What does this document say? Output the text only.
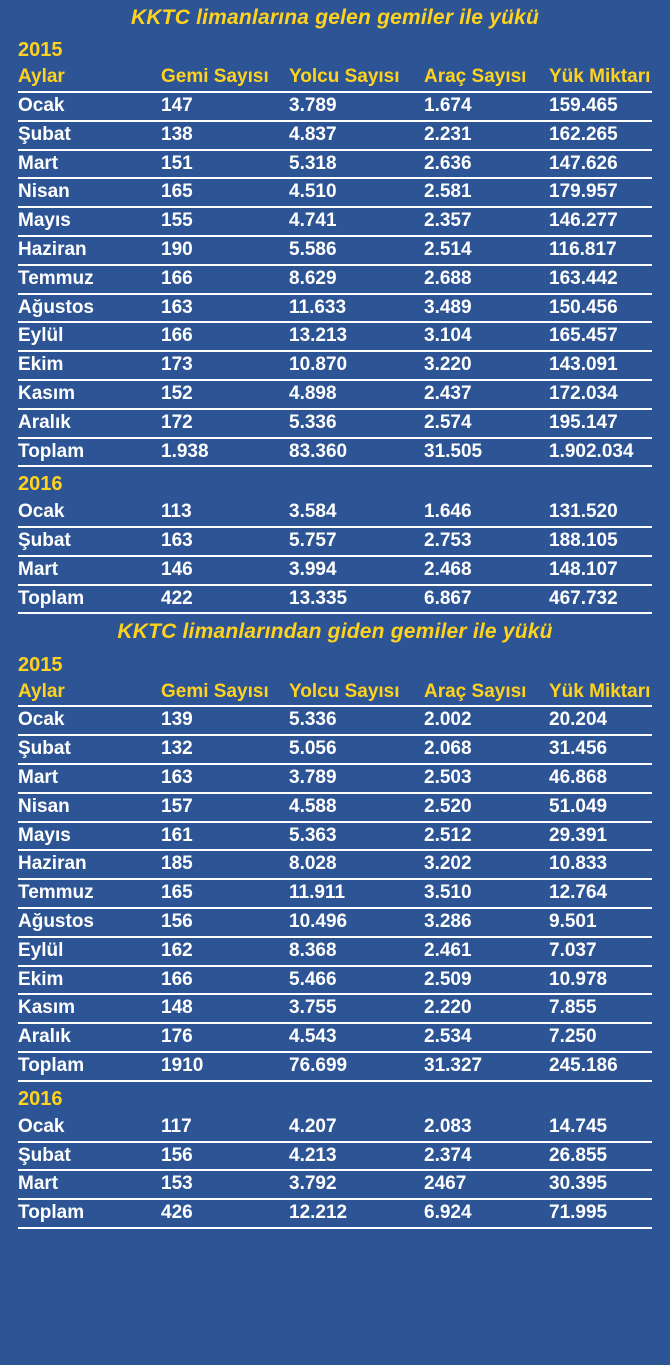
KKTC limanlarına gelen gemiler ile yükü
2015
Aylar	Gemi Sayısı	Yolcu Sayısı	Araç Sayısı	Yük Miktarı
Ocak	147	3.789	1.674	159.465
Şubat	138	4.837	2.231	162.265
Mart	151	5.318	2.636	147.626
Nisan	165	4.510	2.581	179.957
Mayıs	155	4.741	2.357	146.277
Haziran	190	5.586	2.514	116.817
Temmuz	166	8.629	2.688	163.442
Ağustos	163	11.633	3.489	150.456
Eylül	166	13.213	3.104	165.457
Ekim	173	10.870	3.220	143.091
Kasım	152	4.898	2.437	172.034
Aralık	172	5.336	2.574	195.147
Toplam	1.938	83.360	31.505	1.902.034
2016
Ocak	113	3.584	1.646	131.520
Şubat	163	5.757	2.753	188.105
Mart	146	3.994	2.468	148.107
Toplam	422	13.335	6.867	467.732
KKTC limanlarından giden gemiler ile yükü
2015
Aylar	Gemi Sayısı	Yolcu Sayısı	Araç Sayısı	Yük Miktarı
Ocak	139	5.336	2.002	20.204
Şubat	132	5.056	2.068	31.456
Mart	163	3.789	2.503	46.868
Nisan	157	4.588	2.520	51.049
Mayıs	161	5.363	2.512	29.391
Haziran	185	8.028	3.202	10.833
Temmuz	165	11.911	3.510	12.764
Ağustos	156	10.496	3.286	9.501
Eylül	162	8.368	2.461	7.037
Ekim	166	5.466	2.509	10.978
Kasım	148	3.755	2.220	7.855
Aralık	176	4.543	2.534	7.250
Toplam	1910	76.699	31.327	245.186
2016
Ocak	117	4.207	2.083	14.745
Şubat	156	4.213	2.374	26.855
Mart	153	3.792	2467	30.395
Toplam	426	12.212	6.924	71.995
